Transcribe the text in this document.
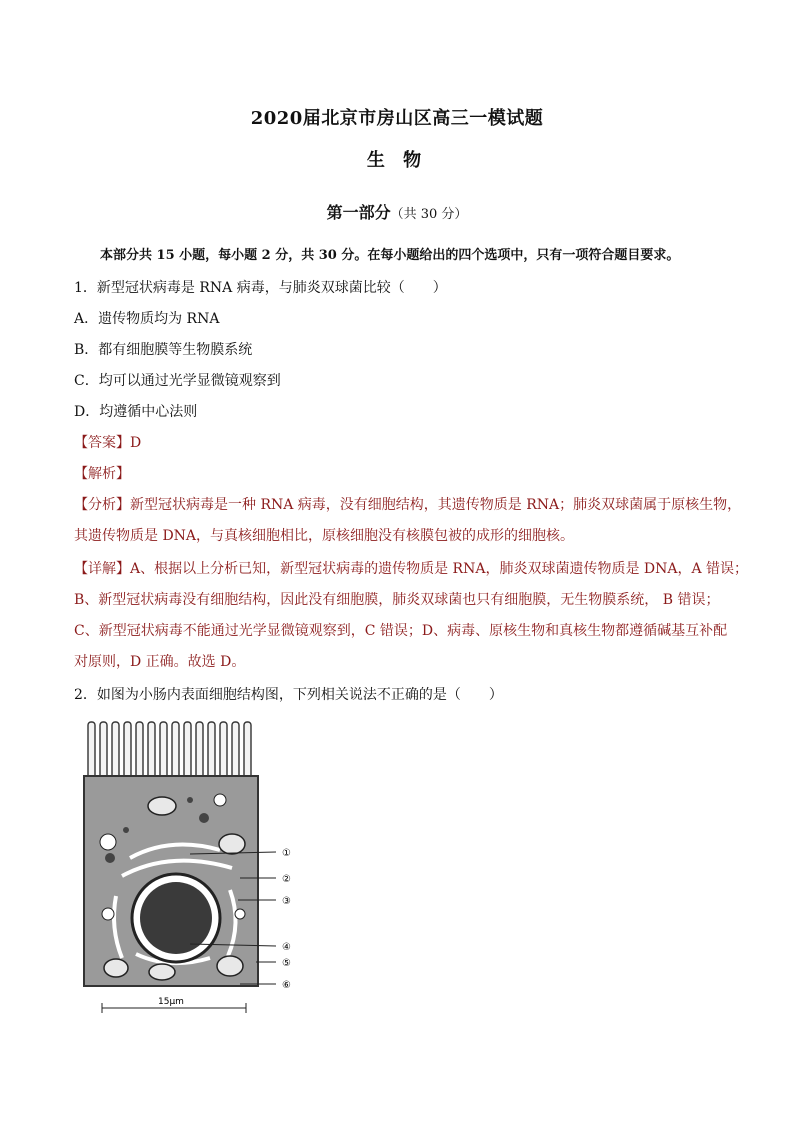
2020届北京市房山区高三一模试题
生 物
第一部分（共 30 分）
本部分共 15 小题，每小题 2 分，共 30 分。在每小题给出的四个选项中，只有一项符合题目要求。
1．新型冠状病毒是 RNA 病毒，与肺炎双球菌比较（　　）
A．遗传物质均为 RNA
B．都有细胞膜等生物膜系统
C．均可以通过光学显微镜观察到
D．均遵循中心法则
【答案】D
【解析】
【分析】新型冠状病毒是一种 RNA 病毒，没有细胞结构，其遗传物质是 RNA；肺炎双球菌属于原核生物，
其遗传物质是 DNA，与真核细胞相比，原核细胞没有核膜包被的成形的细胞核。
【详解】A、根据以上分析已知，新型冠状病毒的遗传物质是 RNA，肺炎双球菌遗传物质是 DNA，A 错误；
B、新型冠状病毒没有细胞结构，因此没有细胞膜，肺炎双球菌也只有细胞膜，无生物膜系统， B 错误；
C、新型冠状病毒不能通过光学显微镜观察到，C 错误；D、病毒、原核生物和真核生物都遵循碱基互补配
对原则，D 正确。故选 D。
2．如图为小肠内表面细胞结构图，下列相关说法不正确的是（　　）
①
②
③
④
⑤
⑥
15μm
